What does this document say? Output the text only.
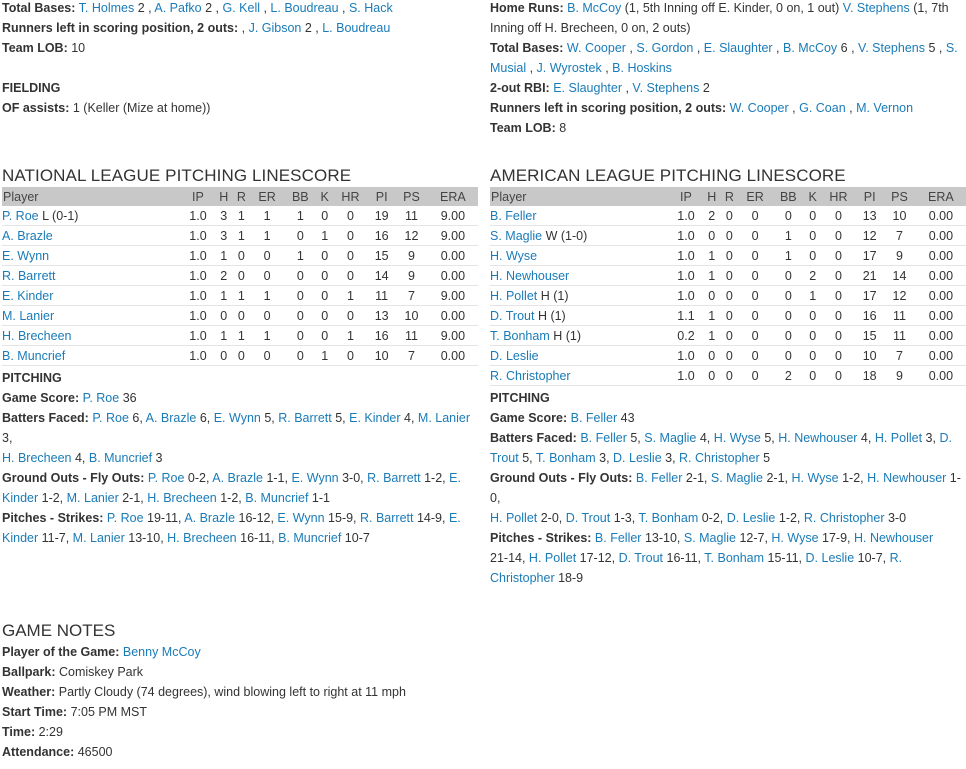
Total Bases: T. Holmes 2 , A. Pafko 2 , G. Kell , L. Boudreau , S. Hack
Runners left in scoring position, 2 outs: , J. Gibson 2 , L. Boudreau
Team LOB: 10
FIELDING
OF assists: 1 (Keller (Mize at home))
Home Runs: B. McCoy (1, 5th Inning off E. Kinder, 0 on, 1 out) V. Stephens (1, 7th
Inning off H. Brecheen, 0 on, 2 outs)
Total Bases: W. Cooper , S. Gordon , E. Slaughter , B. McCoy 6 , V. Stephens 5 , S.
Musial , J. Wyrostek , B. Hoskins
2-out RBI: E. Slaughter , V. Stephens 2
Runners left in scoring position, 2 outs: W. Cooper , G. Coan , M. Vernon
Team LOB: 8
NATIONAL LEAGUE PITCHING LINESCORE
Player	IP	H	R	ER	BB	K	HR	PI	PS	ERA
P. Roe L (0-1)	1.0	3	1	1	1	0	0	19	11	9.00
A. Brazle	1.0	3	1	1	0	1	0	16	12	9.00
E. Wynn	1.0	1	0	0	1	0	0	15	9	0.00
R. Barrett	1.0	2	0	0	0	0	0	14	9	0.00
E. Kinder	1.0	1	1	1	0	0	1	11	7	9.00
M. Lanier	1.0	0	0	0	0	0	0	13	10	0.00
H. Brecheen	1.0	1	1	1	0	0	1	16	11	9.00
B. Muncrief	1.0	0	0	0	0	1	0	10	7	0.00
PITCHING
Game Score: P. Roe 36
Batters Faced: P. Roe 6, A. Brazle 6, E. Wynn 5, R. Barrett 5, E. Kinder 4, M. Lanier 3,
H. Brecheen 4, B. Muncrief 3
Ground Outs - Fly Outs: P. Roe 0-2, A. Brazle 1-1, E. Wynn 3-0, R. Barrett 1-2, E.
Kinder 1-2, M. Lanier 2-1, H. Brecheen 1-2, B. Muncrief 1-1
Pitches - Strikes: P. Roe 19-11, A. Brazle 16-12, E. Wynn 15-9, R. Barrett 14-9, E.
Kinder 11-7, M. Lanier 13-10, H. Brecheen 16-11, B. Muncrief 10-7
AMERICAN LEAGUE PITCHING LINESCORE
Player	IP	H	R	ER	BB	K	HR	PI	PS	ERA
B. Feller	1.0	2	0	0	0	0	0	13	10	0.00
S. Maglie W (1-0)	1.0	0	0	0	1	0	0	12	7	0.00
H. Wyse	1.0	1	0	0	1	0	0	17	9	0.00
H. Newhouser	1.0	1	0	0	0	2	0	21	14	0.00
H. Pollet H (1)	1.0	0	0	0	0	1	0	17	12	0.00
D. Trout H (1)	1.1	1	0	0	0	0	0	16	11	0.00
T. Bonham H (1)	0.2	1	0	0	0	0	0	15	11	0.00
D. Leslie	1.0	0	0	0	0	0	0	10	7	0.00
R. Christopher	1.0	0	0	0	2	0	0	18	9	0.00
PITCHING
Game Score: B. Feller 43
Batters Faced: B. Feller 5, S. Maglie 4, H. Wyse 5, H. Newhouser 4, H. Pollet 3, D.
Trout 5, T. Bonham 3, D. Leslie 3, R. Christopher 5
Ground Outs - Fly Outs: B. Feller 2-1, S. Maglie 2-1, H. Wyse 1-2, H. Newhouser 1-0,
H. Pollet 2-0, D. Trout 1-3, T. Bonham 0-2, D. Leslie 1-2, R. Christopher 3-0
Pitches - Strikes: B. Feller 13-10, S. Maglie 12-7, H. Wyse 17-9, H. Newhouser
21-14, H. Pollet 17-12, D. Trout 16-11, T. Bonham 15-11, D. Leslie 10-7, R.
Christopher 18-9
GAME NOTES
Player of the Game: Benny McCoy
Ballpark: Comiskey Park
Weather: Partly Cloudy (74 degrees), wind blowing left to right at 11 mph
Start Time: 7:05 PM MST
Time: 2:29
Attendance: 46500
